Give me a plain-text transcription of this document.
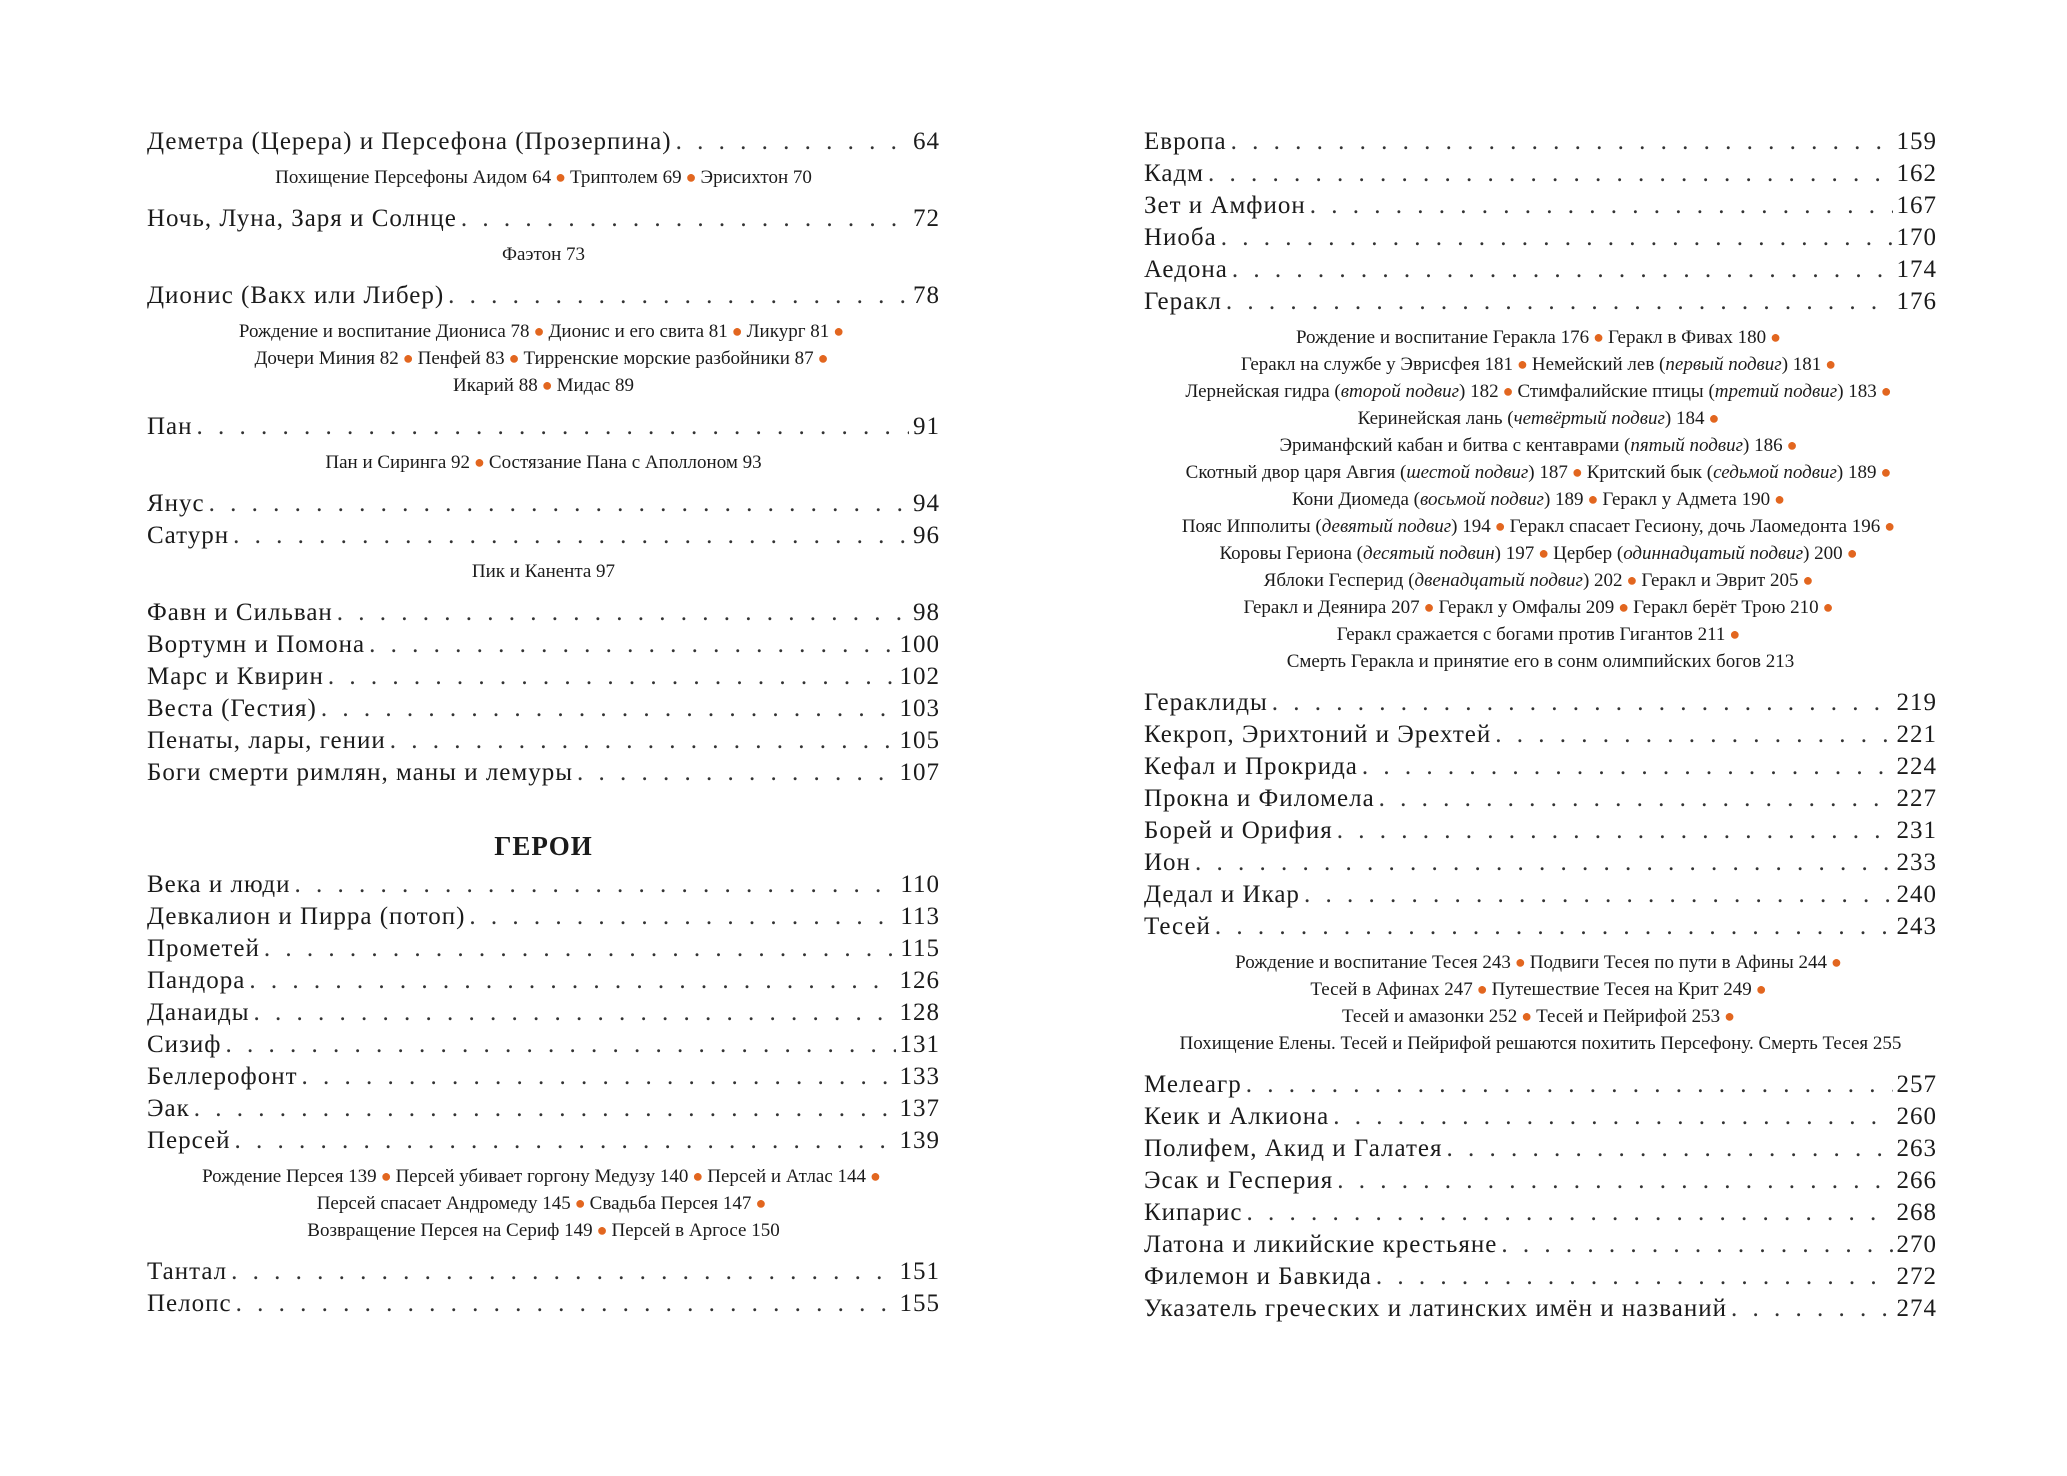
Деметра (Церера) и Персефона (Прозерпина) . . .	64
Похищение Персефоны Аидом 64 ● Триптолем 69 ● Эрисихтон 70
Ночь, Луна, Заря и Солнце . . .	72
Фаэтон 73
Дионис (Вакх или Либер) . . .	78
Рождение и воспитание Диониса 78 ● Дионис и его свита 81 ● Ликург 81 ●
Дочери Миния 82 ● Пенфей 83 ● Тирренские морские разбойники 87 ●
Икарий 88 ● Мидас 89
Пан . . .	91
Пан и Сиринга 92 ● Состязание Пана с Аполлоном 93
Янус . . .	94
Сатурн . . .	96
Пик и Канента 97
Фавн и Сильван . . .	98
Вортумн и Помона . . .	100
Марс и Квирин . . .	102
Веста (Гестия) . . .	103
Пенаты, лары, гении . . .	105
Боги смерти римлян, маны и лемуры . . .	107
ГЕРОИ
Века и люди . . .	110
Девкалион и Пирра (потоп) . . .	113
Прометей . . .	115
Пандора . . .	126
Данаиды . . .	128
Сизиф . . .	131
Беллерофонт . . .	133
Эак . . .	137
Персей . . .	139
Рождение Персея 139 ● Персей убивает горгону Медузу 140 ● Персей и Атлас 144 ●
Персей спасает Андромеду 145 ● Свадьба Персея 147 ●
Возвращение Персея на Сериф 149 ● Персей в Аргосе 150
Тантал . . .	151
Пелопс . . .	155
Европа . . .	159
Кадм . . .	162
Зет и Амфион . . .	167
Ниоба . . .	170
Аедона . . .	174
Геракл . . .	176
Рождение и воспитание Геракла 176 ● Геракл в Фивах 180 ●
Геракл на службе у Эврисфея 181 ● Немейский лев (первый подвиг) 181 ●
Лернейская гидра (второй подвиг) 182 ● Стимфалийские птицы (третий подвиг) 183 ●
Керинейская лань (четвёртый подвиг) 184 ●
Эриманфский кабан и битва с кентаврами (пятый подвиг) 186 ●
Скотный двор царя Авгия (шестой подвиг) 187 ● Критский бык (седьмой подвиг) 189 ●
Кони Диомеда (восьмой подвиг) 189 ● Геракл у Адмета 190 ●
Пояс Ипполиты (девятый подвиг) 194 ● Геракл спасает Гесиону, дочь Лаомедонта 196 ●
Коровы Гериона (десятый подвин) 197 ● Цербер (одиннадцатый подвиг) 200 ●
Яблоки Гесперид (двенадцатый подвиг) 202 ● Геракл и Эврит 205 ●
Геракл и Деянира 207 ● Геракл у Омфалы 209 ● Геракл берёт Трою 210 ●
Геракл сражается с богами против Гигантов 211 ●
Смерть Геракла и принятие его в сонм олимпийских богов 213
Гераклиды . . .	219
Кекроп, Эрихтоний и Эрехтей . . .	221
Кефал и Прокрида . . .	224
Прокна и Филомела . . .	227
Борей и Орифия . . .	231
Ион . . .	233
Дедал и Икар . . .	240
Тесей . . .	243
Рождение и воспитание Тесея 243 ● Подвиги Тесея по пути в Афины 244 ●
Тесей в Афинах 247 ● Путешествие Тесея на Крит 249 ●
Тесей и амазонки 252 ● Тесей и Пейрифой 253 ●
Похищение Елены. Тесей и Пейрифой решаются похитить Персефону. Смерть Тесея 255
Мелеагр . . .	257
Кеик и Алкиона . . .	260
Полифем, Акид и Галатея . . .	263
Эсак и Гесперия . . .	266
Кипарис . . .	268
Латона и ликийские крестьяне . . .	270
Филемон и Бавкида . . .	272
Указатель греческих и латинских имён и названий . . .	274
